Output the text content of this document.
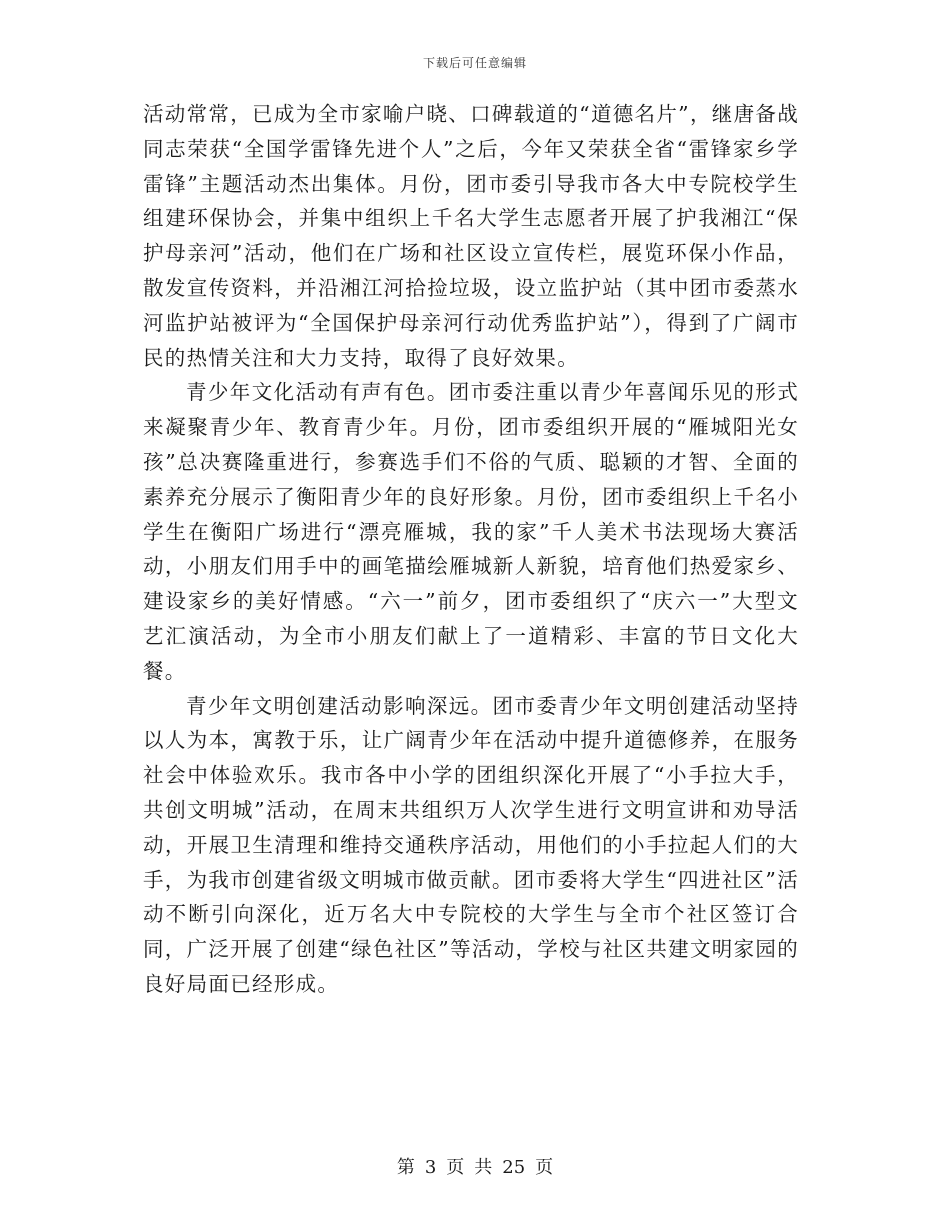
下载后可任意编辑

活动常常，已成为全市家喻户晓、口碑载道的“道德名片”，继唐备战同志荣获“全国学雷锋先进个人”之后，今年又荣获全省“雷锋家乡学雷锋”主题活动杰出集体。月份，团市委引导我市各大中专院校学生组建环保协会，并集中组织上千名大学生志愿者开展了护我湘江“保护母亲河”活动，他们在广场和社区设立宣传栏，展览环保小作品，散发宣传资料，并沿湘江河拾捡垃圾，设立监护站（其中团市委蒸水河监护站被评为“全国保护母亲河行动优秀监护站”），得到了广阔市民的热情关注和大力支持，取得了良好效果。

青少年文化活动有声有色。团市委注重以青少年喜闻乐见的形式来凝聚青少年、教育青少年。月份，团市委组织开展的“雁城阳光女孩”总决赛隆重进行，参赛选手们不俗的气质、聪颖的才智、全面的素养充分展示了衡阳青少年的良好形象。月份，团市委组织上千名小学生在衡阳广场进行“漂亮雁城，我的家”千人美术书法现场大赛活动，小朋友们用手中的画笔描绘雁城新人新貌，培育他们热爱家乡、建设家乡的美好情感。“六一”前夕，团市委组织了“庆六一”大型文艺汇演活动，为全市小朋友们献上了一道精彩、丰富的节日文化大餐。

青少年文明创建活动影响深远。团市委青少年文明创建活动坚持以人为本，寓教于乐，让广阔青少年在活动中提升道德修养，在服务社会中体验欢乐。我市各中小学的团组织深化开展了“小手拉大手，共创文明城”活动，在周末共组织万人次学生进行文明宣讲和劝导活动，开展卫生清理和维持交通秩序活动，用他们的小手拉起人们的大手，为我市创建省级文明城市做贡献。团市委将大学生“四进社区”活动不断引向深化，近万名大中专院校的大学生与全市个社区签订合同，广泛开展了创建“绿色社区”等活动，学校与社区共建文明家园的良好局面已经形成。

第 3 页 共 25 页
